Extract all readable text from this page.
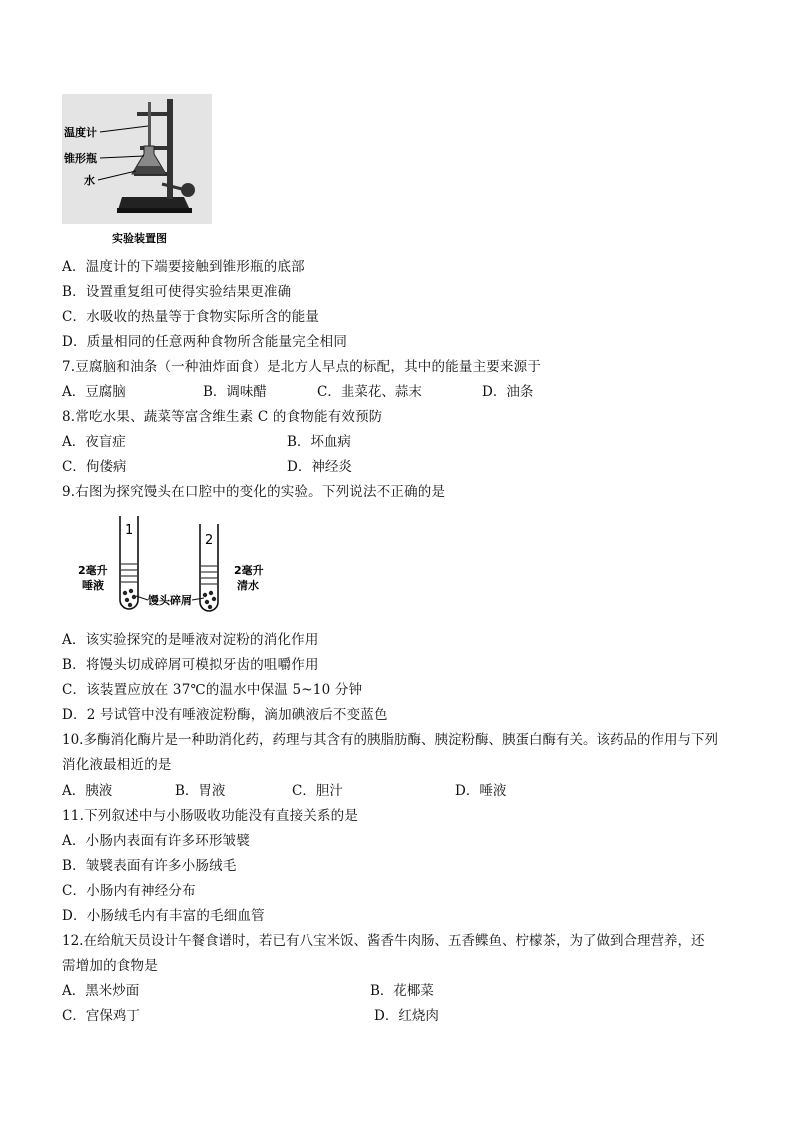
温度计
锥形瓶
水
实验装置图
A．温度计的下端要接触到锥形瓶的底部
B．设置重复组可使得实验结果更准确
C．水吸收的热量等于食物实际所含的能量
D．质量相同的任意两种食物所含能量完全相同
7.豆腐脑和油条（一种油炸面食）是北方人早点的标配，其中的能量主要来源于
A．豆腐脑	B．调味醋	C．韭菜花、蒜末	D．油条
8.常吃水果、蔬菜等富含维生素 C 的食物能有效预防
A．夜盲症	B．坏血病
C．佝偻病	D．神经炎
9.右图为探究馒头在口腔中的变化的实验。下列说法不正确的是
1
2
2毫升
唾液
2毫升
清水
馒头碎屑
A．该实验探究的是唾液对淀粉的消化作用
B．将馒头切成碎屑可模拟牙齿的咀嚼作用
C．该装置应放在 37℃的温水中保温 5~10 分钟
D．2 号试管中没有唾液淀粉酶，滴加碘液后不变蓝色
10.多酶消化酶片是一种助消化药，药理与其含有的胰脂肪酶、胰淀粉酶、胰蛋白酶有关。该药品的作用与下列
消化液最相近的是
A．胰液	B．胃液	C．胆汁	D．唾液
11.下列叙述中与小肠吸收功能没有直接关系的是
A．小肠内表面有许多环形皱襞
B．皱襞表面有许多小肠绒毛
C．小肠内有神经分布
D．小肠绒毛内有丰富的毛细血管
12.在给航天员设计午餐食谱时，若已有八宝米饭、酱香牛肉肠、五香鲽鱼、柠檬茶，为了做到合理营养，还
需增加的食物是
A．黑米炒面	B．花椰菜
C．宫保鸡丁	D．红烧肉
